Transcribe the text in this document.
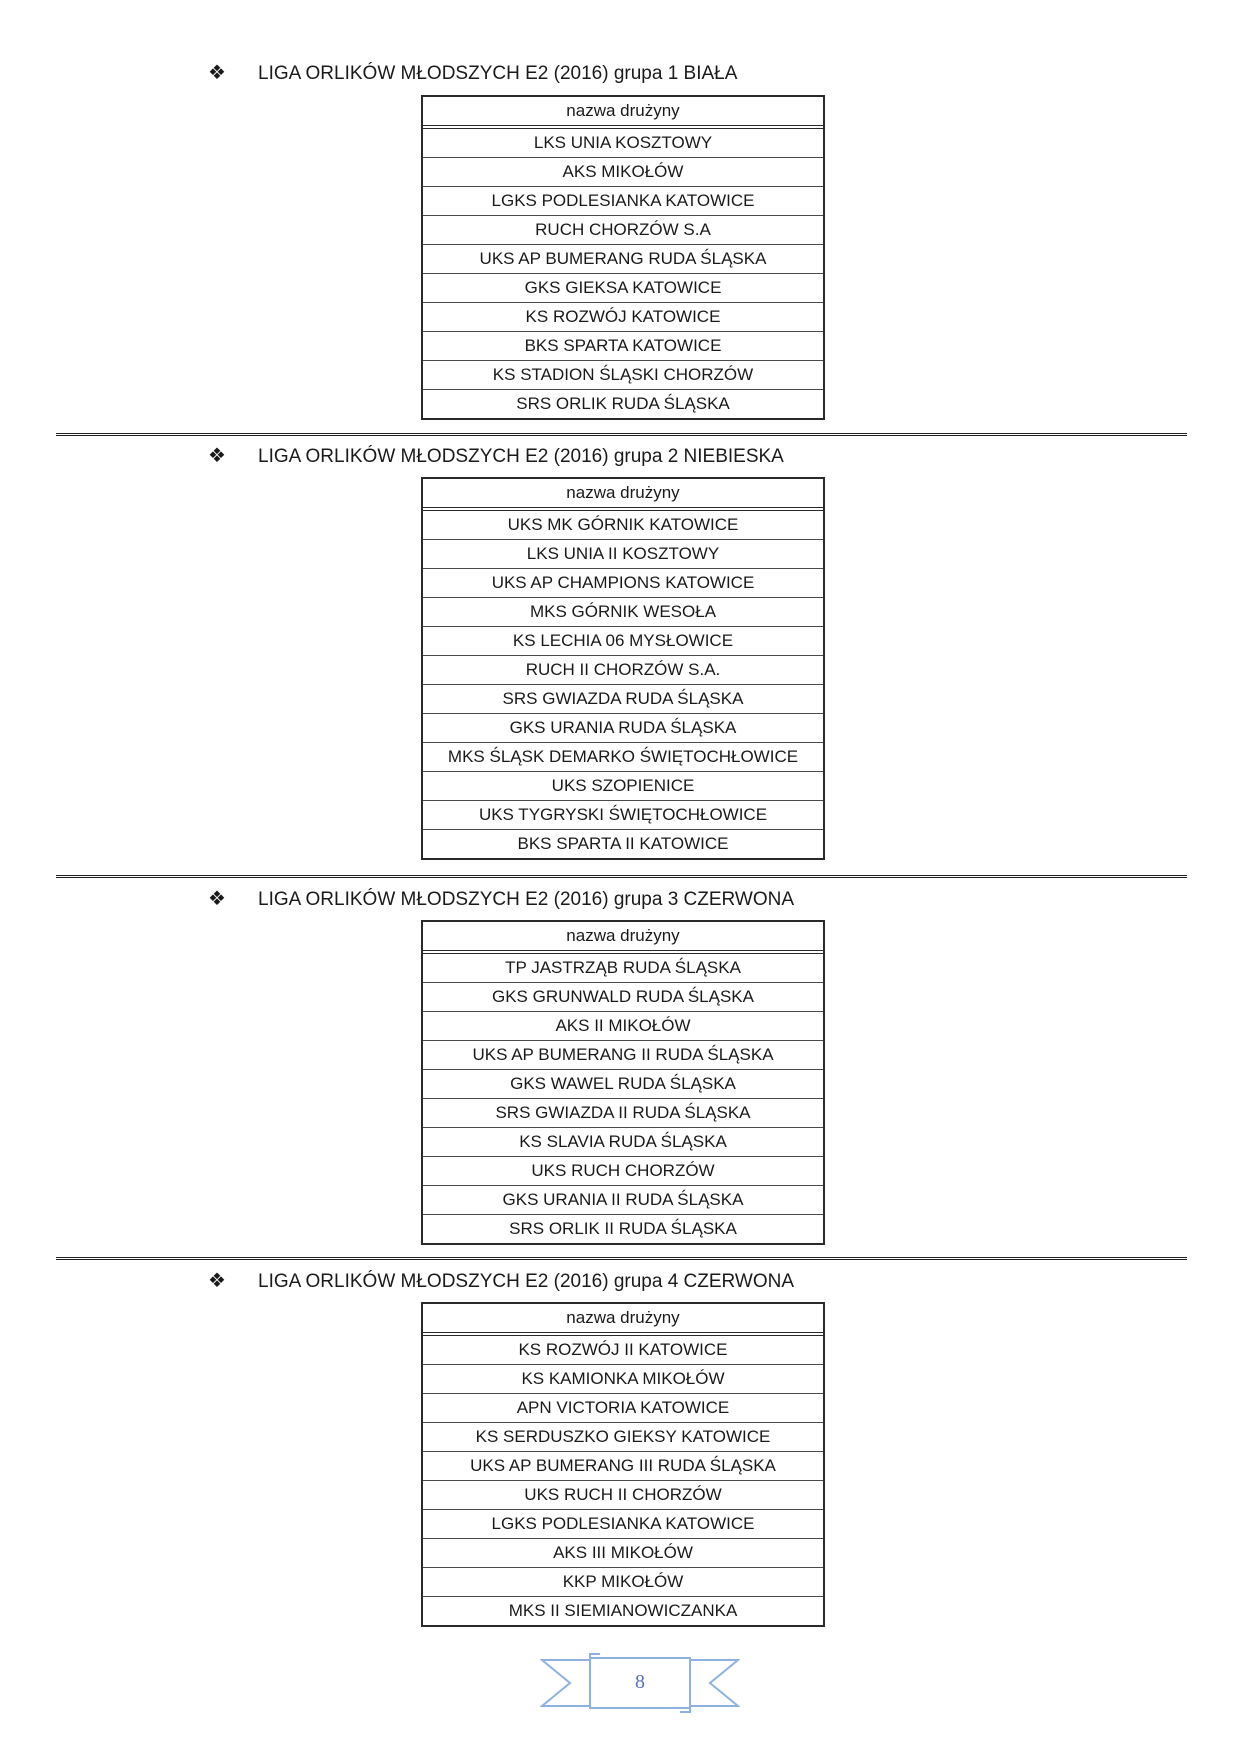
❖ LIGA ORLIKÓW MŁODSZYCH E2 (2016) grupa 1 BIAŁA
nazwa drużyny
LKS UNIA KOSZTOWY
AKS MIKOŁÓW
LGKS PODLESIANKA KATOWICE
RUCH CHORZÓW S.A
UKS AP BUMERANG RUDA ŚLĄSKA
GKS GIEKSA KATOWICE
KS ROZWÓJ KATOWICE
BKS SPARTA KATOWICE
KS STADION ŚLĄSKI CHORZÓW
SRS ORLIK RUDA ŚLĄSKA
❖ LIGA ORLIKÓW MŁODSZYCH E2 (2016) grupa 2 NIEBIESKA
nazwa drużyny
UKS MK GÓRNIK KATOWICE
LKS UNIA II KOSZTOWY
UKS AP CHAMPIONS KATOWICE
MKS GÓRNIK WESOŁA
KS LECHIA 06 MYSŁOWICE
RUCH II CHORZÓW S.A.
SRS GWIAZDA RUDA ŚLĄSKA
GKS URANIA RUDA ŚLĄSKA
MKS ŚLĄSK DEMARKO ŚWIĘTOCHŁOWICE
UKS SZOPIENICE
UKS TYGRYSKI ŚWIĘTOCHŁOWICE
BKS SPARTA II KATOWICE
❖ LIGA ORLIKÓW MŁODSZYCH E2 (2016) grupa 3 CZERWONA
nazwa drużyny
TP JASTRZĄB RUDA ŚLĄSKA
GKS GRUNWALD RUDA ŚLĄSKA
AKS II MIKOŁÓW
UKS AP BUMERANG II RUDA ŚLĄSKA
GKS WAWEL RUDA ŚLĄSKA
SRS GWIAZDA II RUDA ŚLĄSKA
KS SLAVIA RUDA ŚLĄSKA
UKS RUCH CHORZÓW
GKS URANIA II RUDA ŚLĄSKA
SRS ORLIK II RUDA ŚLĄSKA
❖ LIGA ORLIKÓW MŁODSZYCH E2 (2016) grupa 4 CZERWONA
nazwa drużyny
KS ROZWÓJ II KATOWICE
KS KAMIONKA MIKOŁÓW
APN VICTORIA KATOWICE
KS SERDUSZKO GIEKSY KATOWICE
UKS AP BUMERANG III RUDA ŚLĄSKA
UKS RUCH II CHORZÓW
LGKS PODLESIANKA KATOWICE
AKS III MIKOŁÓW
KKP MIKOŁÓW
MKS II SIEMIANOWICZANKA
8
